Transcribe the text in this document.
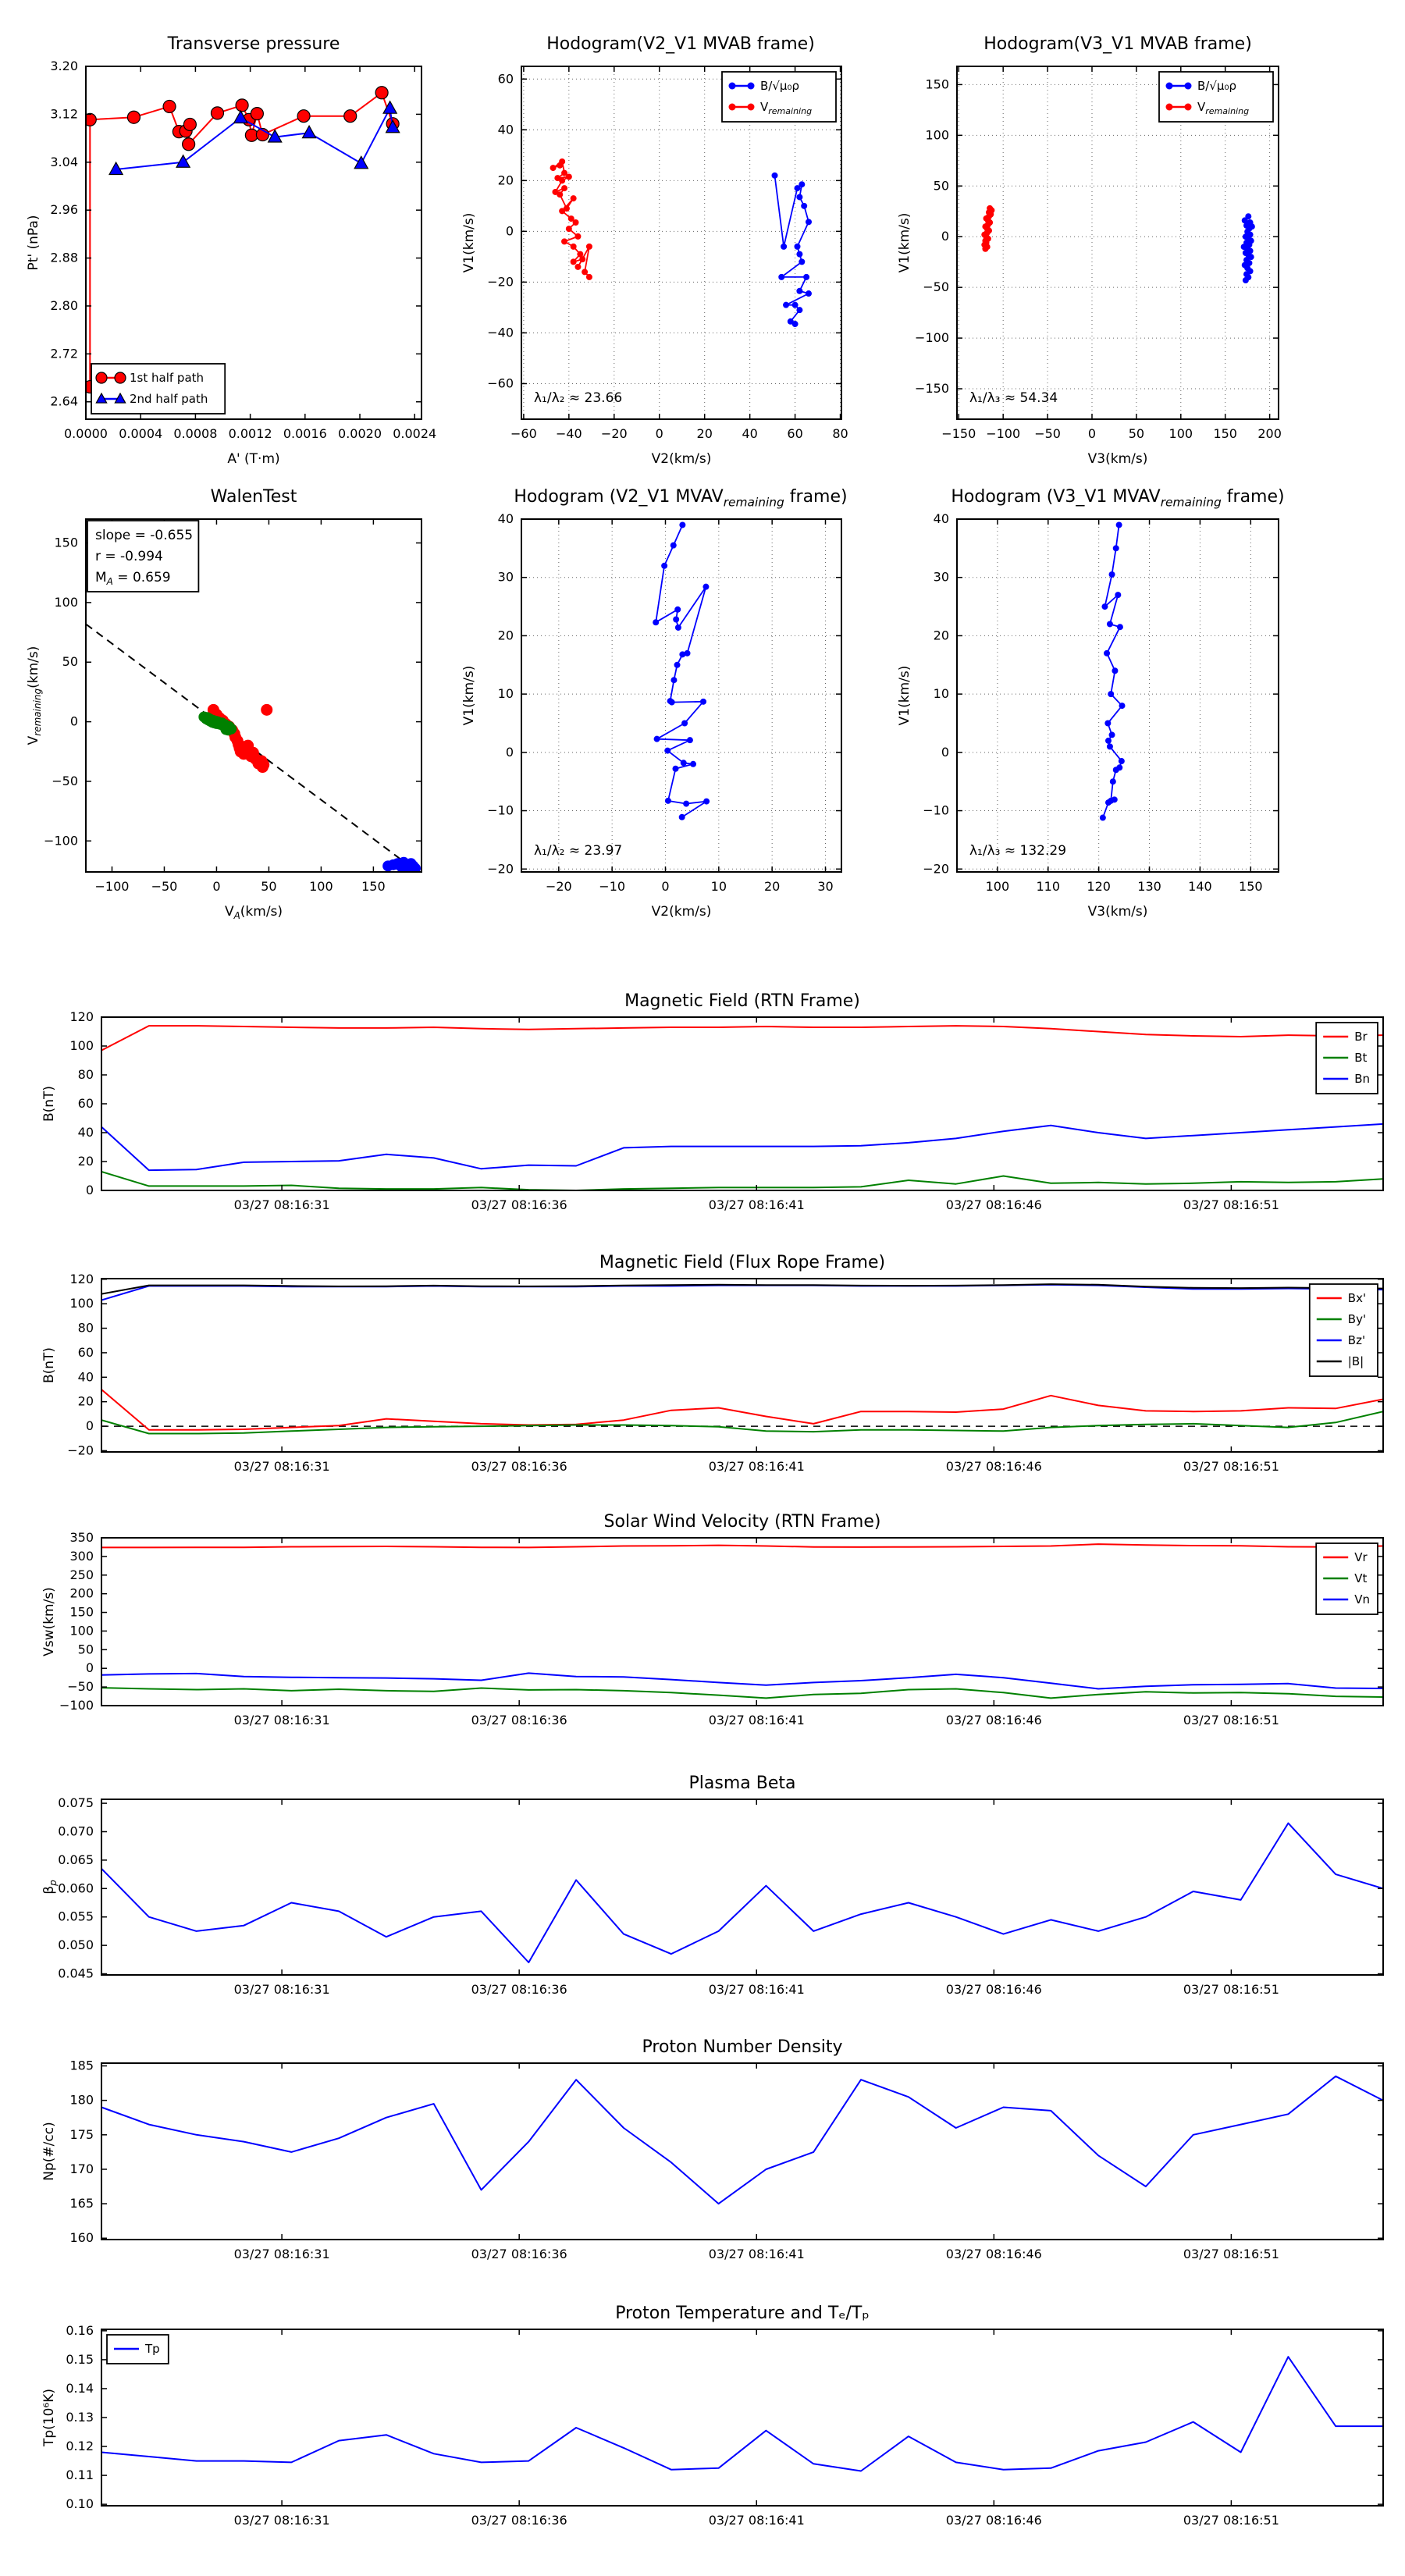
Transverse pressure	Hodogram(V2_V1 MVAB frame)	Hodogram(V3_V1 MVAB frame)
WalenTest	Hodogram (V2_V1 $MVAV_{remaining}$ frame)	Hodogram (V3_V1 $MVAV_{remaining}$ frame)
Magnetic Field (RTN Frame)
Magnetic Field (Flux Rope Frame)
Solar Wind Velocity (RTN Frame)
Plasma Beta
Proton Number Density
Proton Temperature and Tₑ/Tₚ
0.0000 0.0004 0.0008 0.0012 0.0016 0.0020 0.0024
3.20
3.12
3.04
2.96
2.88
2.80
2.72
2.64
A' (T·m)
Pt' (nPa)
1st half path
2nd half path
−60 −40 −20 0	20 40 60 80
60
40
20
0
−20
−40
−60
V2(km/s)
V1(km/s)
λ₁/λ₂ ≈ 23.66
B/√μ₀ρ
$V_{remaining}$
−150 −100 −50 0	50 100 150 200
150
100
50
0
−50
−100
−150
V3(km/s)
V1(km/s)
λ₁/λ₃ ≈ 54.34
B/√μ₀ρ
$V_{remaining}$
−100 −50	0	50	100 150
150
100
50
0
−50
−100
$V_A(km/s)$
$V_{remaining}(km/s)$
slope = -0.655
r = -0.994
$M_A = 0.659$
−20 −10	0	10	20	30
40
30
20
10
0
−10
−20
V2(km/s)
V1(km/s)
λ₁/λ₂ ≈ 23.97
100 110 120 130 140 150
40
30
20
10
0
−10
−20
V3(km/s)
V1(km/s)
λ₁/λ₃ ≈ 132.29
03/27 08:16:31	03/27 08:16:36	03/27 08:16:41	03/27 08:16:46	03/27 08:16:51
0
20
40
60
80
100
120
B(nT)
Br
Bt
Bn
03/27 08:16:31	03/27 08:16:36	03/27 08:16:41	03/27 08:16:46	03/27 08:16:51
−20
0
20
40
60
80
100
120
B(nT)
Bx'
By'
Bz'
|B|
03/27 08:16:31	03/27 08:16:36	03/27 08:16:41	03/27 08:16:46	03/27 08:16:51
−100
−50
0
50
100
150
200
250
300
350
Vsw(km/s)
Vr
Vt
Vn
03/27 08:16:31	03/27 08:16:36	03/27 08:16:41	03/27 08:16:46	03/27 08:16:51
0.045
0.050
0.055
0.060
0.065
0.070
0.075
$\beta_p$
03/27 08:16:31	03/27 08:16:36	03/27 08:16:41	03/27 08:16:46	03/27 08:16:51
160
165
170
175
180
185
Np(#/cc)
03/27 08:16:31	03/27 08:16:36	03/27 08:16:41	03/27 08:16:46	03/27 08:16:51
0.10
0.11
0.12
0.13
0.14
0.15
0.16
Tp(10⁶K)
Tp
